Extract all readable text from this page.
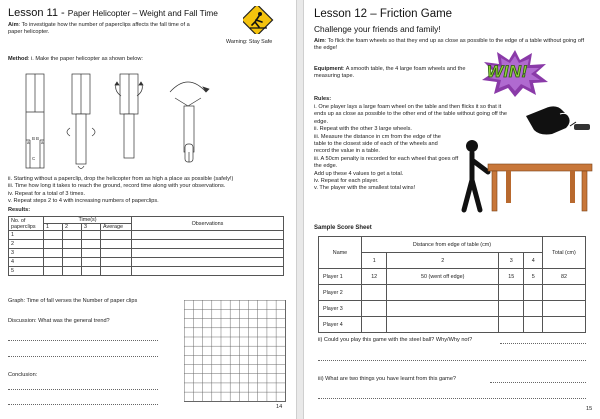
Lesson 11 - Paper Helicopter – Weight and Fall Time
Warning: Stay Safe
Aim: To investigate how the number of paperclips affects the fall time of a paper helicopter.
Method: i. Make the paper helicopter as shown below:
a	a
B B
C
ii. Starting without a paperclip, drop the helicopter from as high a place as possible (safely!)
iii. Time how long it takes to reach the ground, record time along with your observations.
iv. Repeat for a total of 3 times.
v. Repeat steps 2 to 4 with increasing numbers of paperclips.
Results:
No. of
paperclips	Time(s)				Observations
	1	2	3	Average	
1					
2					
3					
4					
5					
Graph: Time of fall verses the Number of paper clips
Discussion: What was the general trend?
Conclusion:
14
Lesson 12 – Friction Game
Challenge your friends and family!
Aim: To flick the foam wheels so that they end up as close as possible to the edge of a table without going off the edge!
Equipment: A smooth table, the 4 large foam wheels and the measuring tape.	WIN!
Rules:
i. One player lays a large foam wheel on the table and then flicks it so that it ends up as close as possible to the other end of the table without going off the edge.
ii. Repeat with the other 3 large wheels.
iii. Measure the distance in cm from the edge of the table to the closest side of each of the wheels and record the value in a table.
iii. A 50cm penalty is recorded for each wheel that goes off the edge.
Add up these 4 values to get a total.
iv. Repeat for each player.
v. The player with the smallest total wins!
Sample Score Sheet
Name	Distance from edge of table (cm)				Total (cm)
	1	2	3	4	
Player 1	12	50 (went off edge)	15	5	82
Player 2					
Player 3					
Player 4					
ii) Could you play this game with the steel ball? Why/Why not?
iii) What are two things you have learnt from this game?
15
